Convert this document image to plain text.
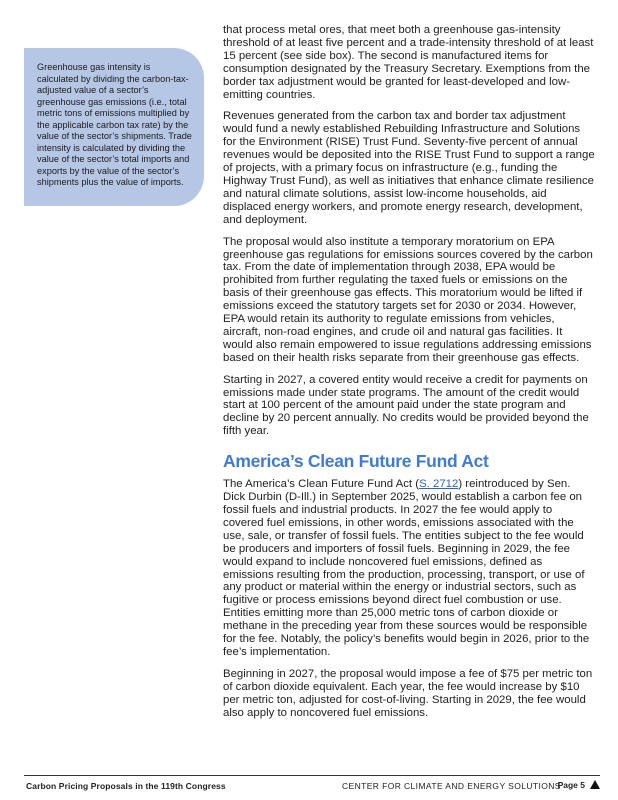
Greenhouse gas intensity is calculated by dividing the carbon-tax-adjusted value of a sector’s greenhouse gas emissions (i.e., total metric tons of emissions multiplied by the applicable carbon tax rate) by the value of the sector’s shipments. Trade intensity is calculated by dividing the value of the sector’s total imports and exports by the value of the sector’s shipments plus the value of imports.

that process metal ores, that meet both a greenhouse gas-intensity threshold of at least five percent and a trade-intensity threshold of at least 15 percent (see side box). The second is manufactured items for consumption designated by the Treasury Secretary. Exemptions from the border tax adjustment would be granted for least-developed and low-emitting countries.

Revenues generated from the carbon tax and border tax adjustment would fund a newly established Rebuilding Infrastructure and Solutions for the Environment (RISE) Trust Fund. Seventy-five percent of annual revenues would be deposited into the RISE Trust Fund to support a range of projects, with a primary focus on infrastructure (e.g., funding the Highway Trust Fund), as well as initiatives that enhance climate resilience and natural climate solutions, assist low-income households, aid displaced energy workers, and promote energy research, development, and deployment.

The proposal would also institute a temporary moratorium on EPA greenhouse gas regulations for emissions sources covered by the carbon tax. From the date of implementation through 2038, EPA would be prohibited from further regulating the taxed fuels or emissions on the basis of their greenhouse gas effects. This moratorium would be lifted if emissions exceed the statutory targets set for 2030 or 2034. However, EPA would retain its authority to regulate emissions from vehicles, aircraft, non-road engines, and crude oil and natural gas facilities. It would also remain empowered to issue regulations addressing emissions based on their health risks separate from their greenhouse gas effects.

Starting in 2027, a covered entity would receive a credit for payments on emissions made under state programs. The amount of the credit would start at 100 percent of the amount paid under the state program and decline by 20 percent annually. No credits would be provided beyond the fifth year.

America’s Clean Future Fund Act

The America’s Clean Future Fund Act (S. 2712) reintroduced by Sen. Dick Durbin (D-Ill.) in September 2025, would establish a carbon fee on fossil fuels and industrial products. In 2027 the fee would apply to covered fuel emissions, in other words, emissions associated with the use, sale, or transfer of fossil fuels. The entities subject to the fee would be producers and importers of fossil fuels. Beginning in 2029, the fee would expand to include noncovered fuel emissions, defined as emissions resulting from the production, processing, transport, or use of any product or material within the energy or industrial sectors, such as fugitive or process emissions beyond direct fuel combustion or use. Entities emitting more than 25,000 metric tons of carbon dioxide or methane in the preceding year from these sources would be responsible for the fee. Notably, the policy’s benefits would begin in 2026, prior to the fee’s implementation.

Beginning in 2027, the proposal would impose a fee of $75 per metric ton of carbon dioxide equivalent. Each year, the fee would increase by $10 per metric ton, adjusted for cost-of-living. Starting in 2029, the fee would also apply to noncovered fuel emissions.

Carbon Pricing Proposals in the 119th Congress	CENTER FOR CLIMATE AND ENERGY SOLUTIONS
Page 5
